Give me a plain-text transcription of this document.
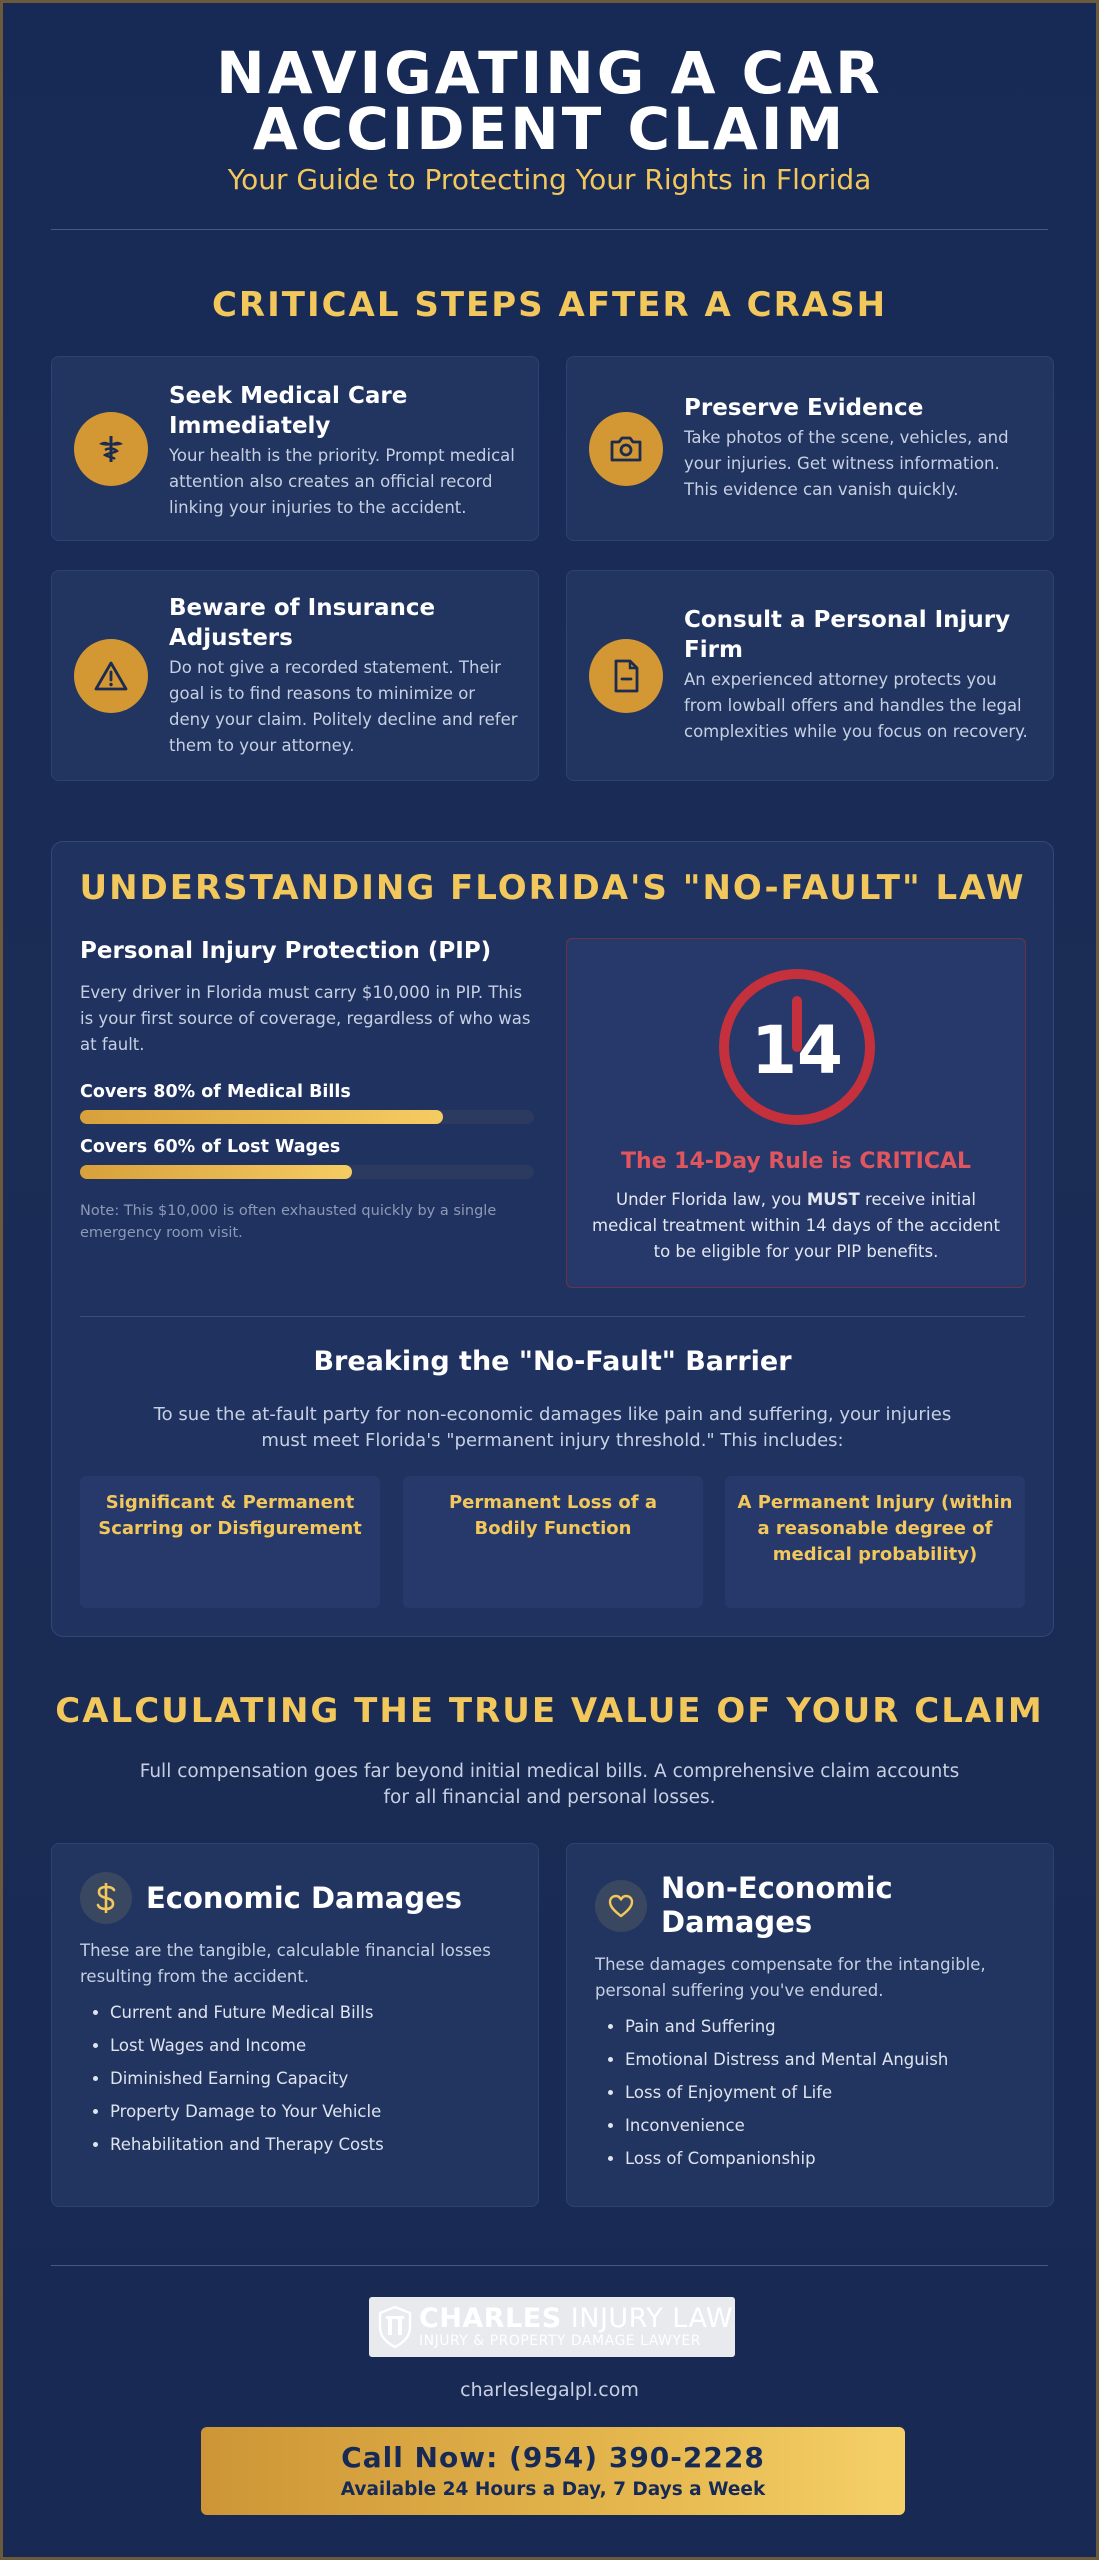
NAVIGATING A CAR ACCIDENT CLAIM
Your Guide to Protecting Your Rights in Florida
CRITICAL STEPS AFTER A CRASH
Seek Medical Care Immediately
Your health is the priority. Prompt medical attention also creates an official record linking your injuries to the accident.
Preserve Evidence
Take photos of the scene, vehicles, and your injuries. Get witness information. This evidence can vanish quickly.
Beware of Insurance Adjusters
Do not give a recorded statement. Their goal is to find reasons to minimize or deny your claim. Politely decline and refer them to your attorney.
Consult a Personal Injury Firm
An experienced attorney protects you from lowball offers and handles the legal complexities while you focus on recovery.
UNDERSTANDING FLORIDA'S "NO-FAULT" LAW
Personal Injury Protection (PIP)
Every driver in Florida must carry $10,000 in PIP. This is your first source of coverage, regardless of who was at fault.
Covers 80% of Medical Bills
Covers 60% of Lost Wages
Note: This $10,000 is often exhausted quickly by a single emergency room visit.
14
The 14-Day Rule is CRITICAL
Under Florida law, you MUST receive initial medical treatment within 14 days of the accident to be eligible for your PIP benefits.
Breaking the "No-Fault" Barrier
To sue the at-fault party for non-economic damages like pain and suffering, your injuries must meet Florida's "permanent injury threshold." This includes:
Significant & Permanent Scarring or Disfigurement
Permanent Loss of a Bodily Function
A Permanent Injury (within a reasonable degree of medical probability)
CALCULATING THE TRUE VALUE OF YOUR CLAIM
Full compensation goes far beyond initial medical bills. A comprehensive claim accounts for all financial and personal losses.
Economic Damages
These are the tangible, calculable financial losses resulting from the accident.
• Current and Future Medical Bills
• Lost Wages and Income
• Diminished Earning Capacity
• Property Damage to Your Vehicle
• Rehabilitation and Therapy Costs
Non-Economic Damages
These damages compensate for the intangible, personal suffering you've endured.
• Pain and Suffering
• Emotional Distress and Mental Anguish
• Loss of Enjoyment of Life
• Inconvenience
• Loss of Companionship
CHARLES INJURY LAW
INJURY & PROPERTY DAMAGE LAWYER
charleslegalpl.com
Call Now: (954) 390-2228
Available 24 Hours a Day, 7 Days a Week
